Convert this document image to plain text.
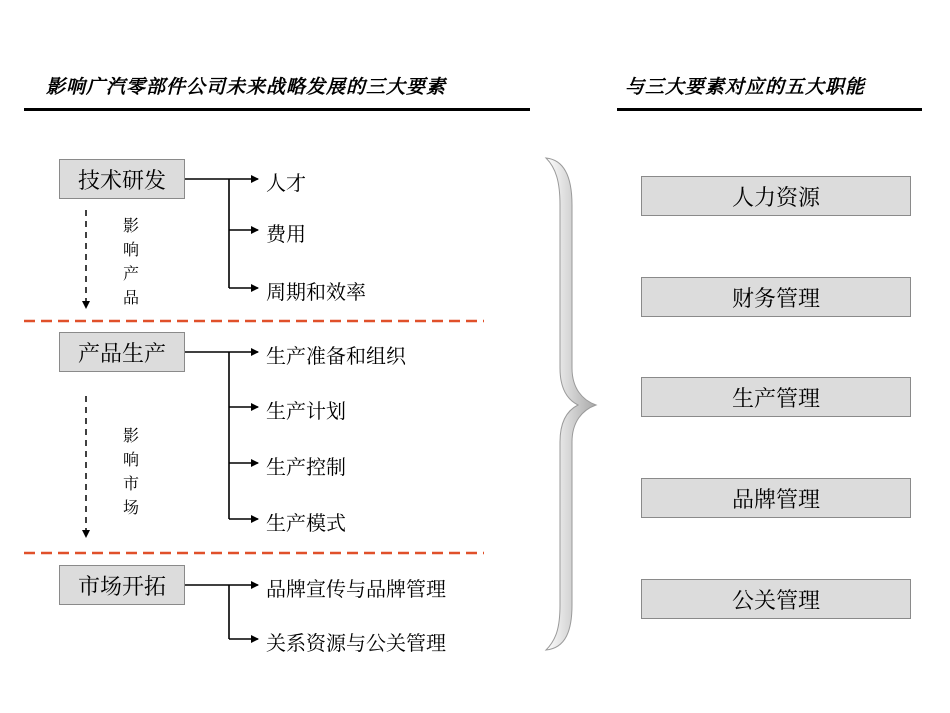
影响广汽零部件公司未来战略发展的三大要素	与三大要素对应的五大职能
技术研发
产品生产
市场开拓
人才
费用
周期和效率
生产准备和组织
生产计划
生产控制
生产模式
品牌宣传与品牌管理
关系资源与公关管理
影响产品
影响市场
人力资源
财务管理
生产管理
品牌管理
公关管理
